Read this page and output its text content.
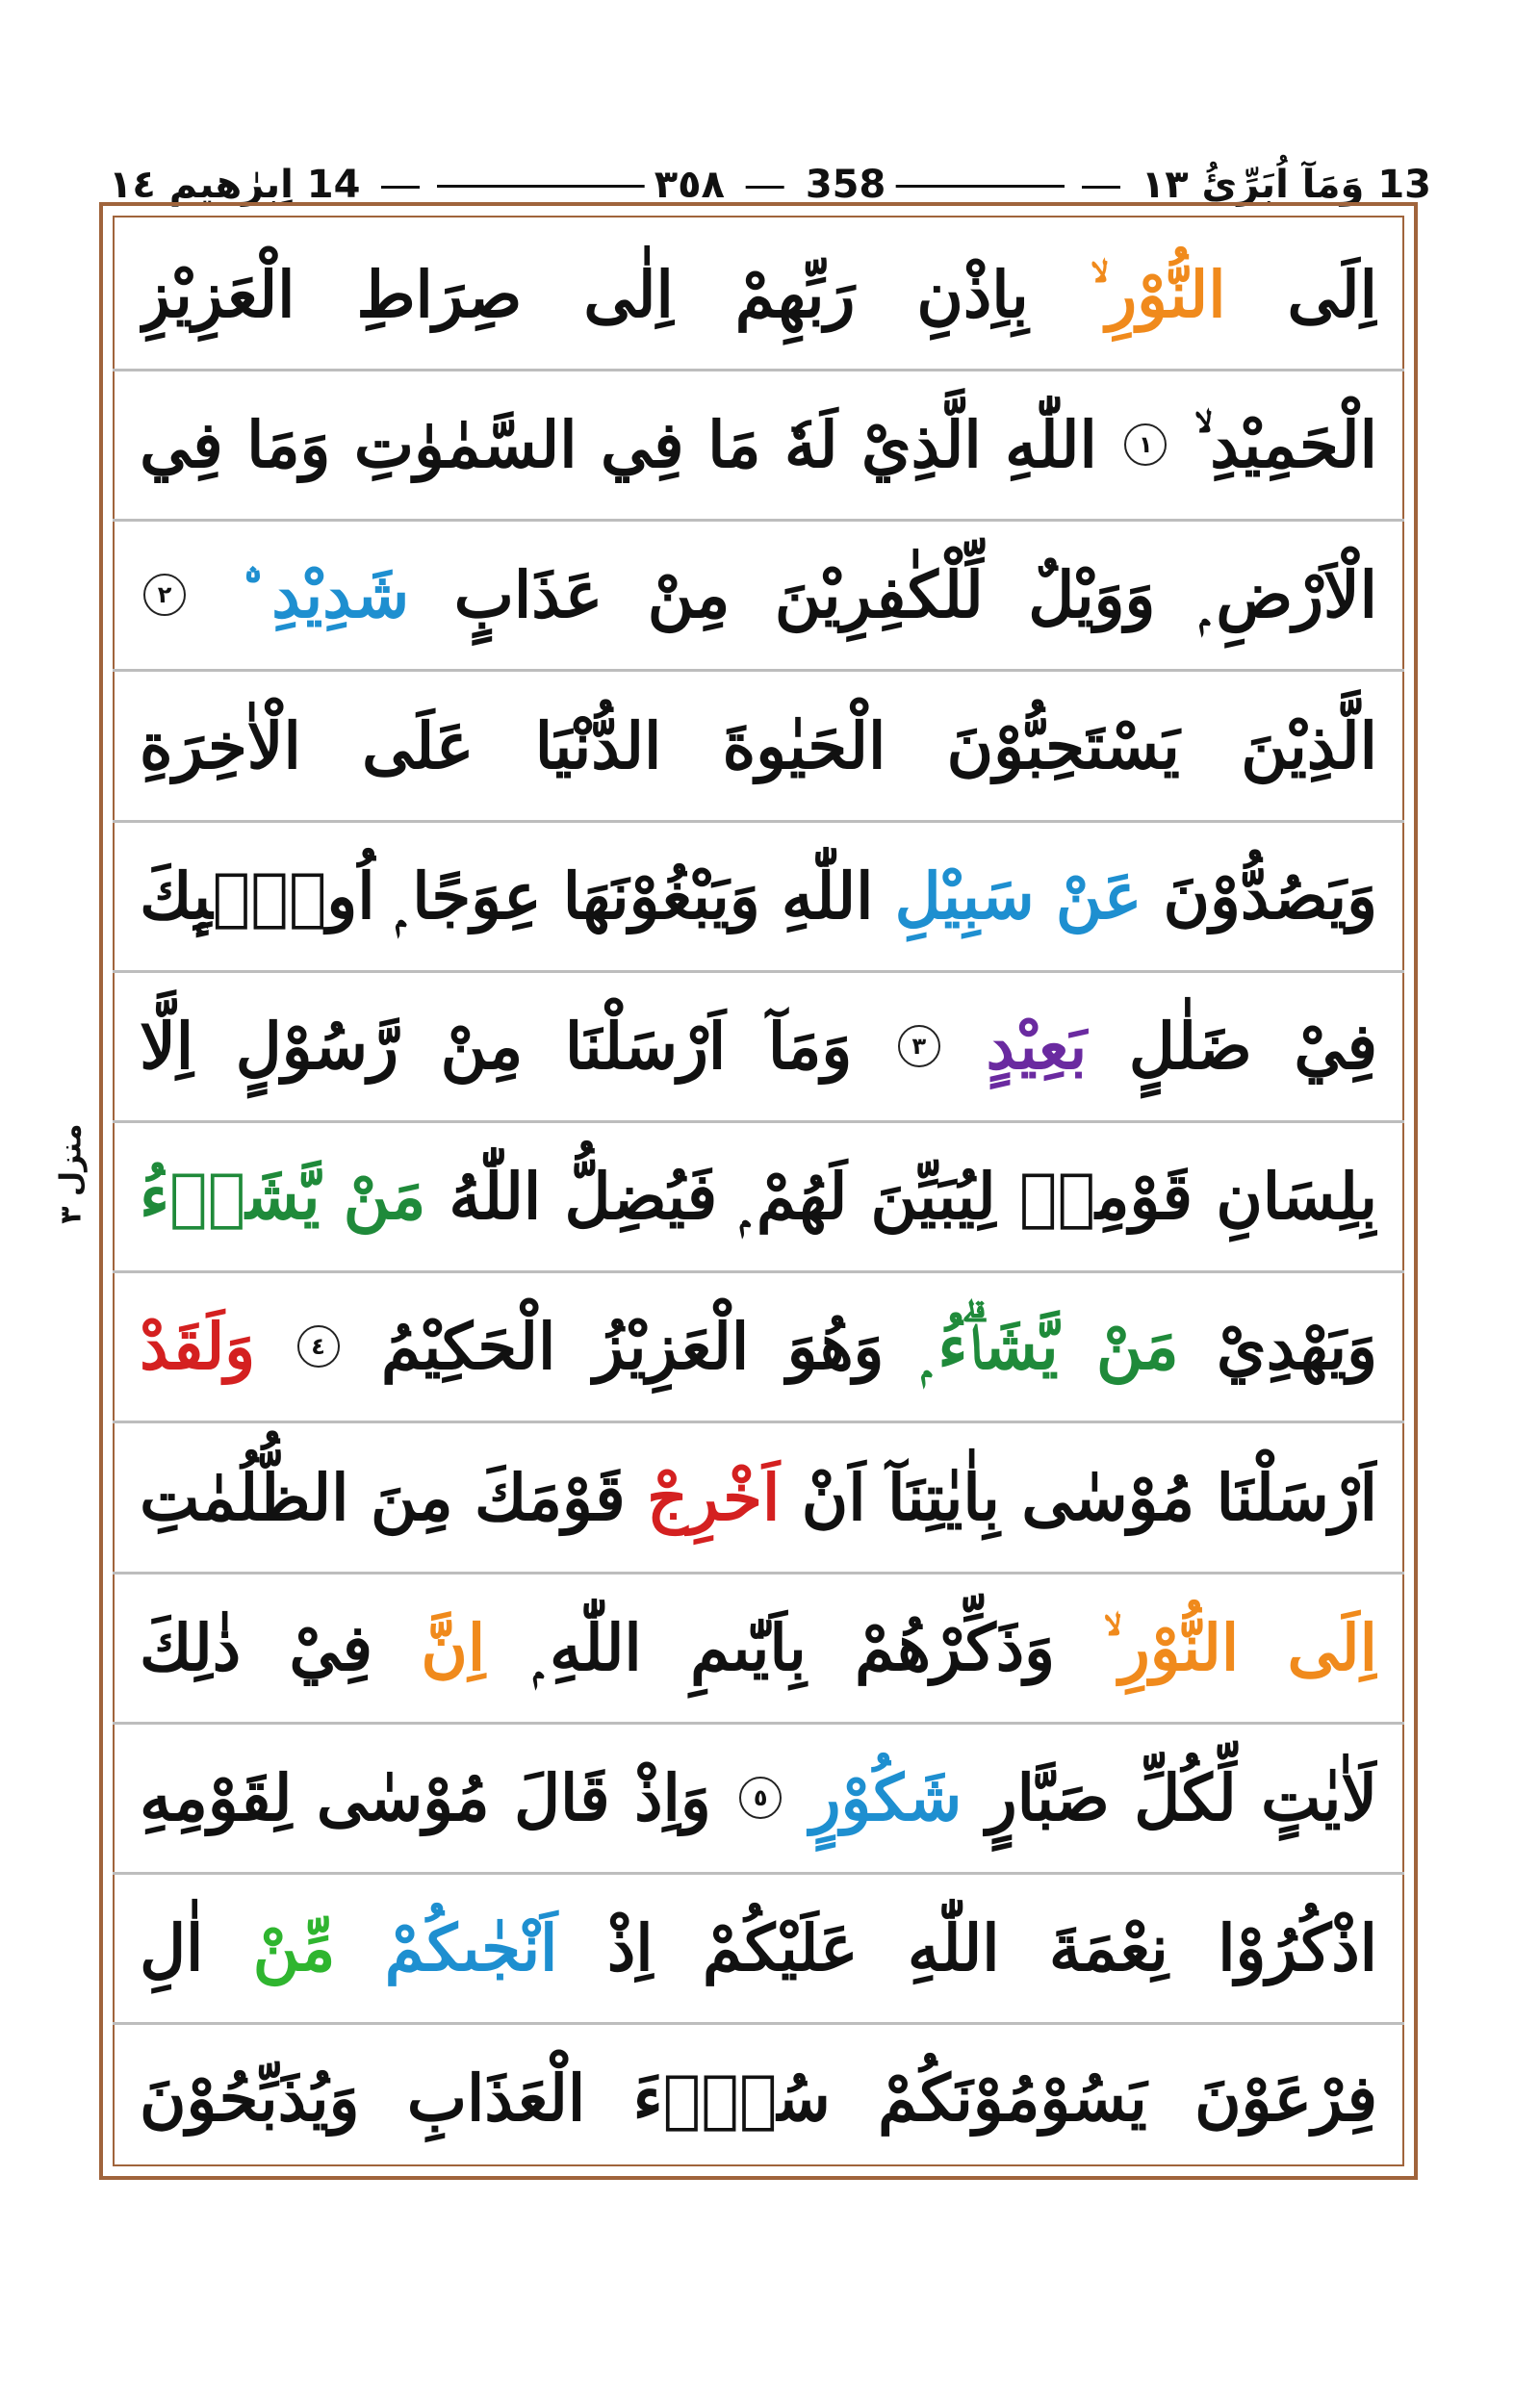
13 وَمَآ اُبَرِّئُ ١٣
358  ٣٥٨
14 اِبرٰھیم ١٤
منزل ٣
اِلَى
النُّوْرِ ۙ
بِاِذْنِ
رَبِّهِمْ
اِلٰى
صِرَاطِ
الْعَزِيْزِ
الْحَمِيْدِ ۙ
١
اللّٰهِ
الَّذِيْ
لَهٗ
مَا
فِي
السَّمٰوٰتِ
وَمَا
فِي
الْاَرْضِ ۭ
وَوَيْلٌ
لِّلْكٰفِرِيْنَ
مِنْ
عَذَابٍ
شَدِيْدِ ۨ
٢
الَّذِيْنَ
يَسْتَحِبُّوْنَ
الْحَيٰوةَ
الدُّنْيَا
عَلَى
الْاٰخِرَةِ
وَيَصُدُّوْنَ
عَنْ
سَبِيْلِ
اللّٰهِ
وَيَبْغُوْنَهَا
عِوَجًا ۭ
اُولٰۗىِٕكَ
فِيْ
ضَلٰلٍ
بَعِيْدٍ
٣
وَمَآ
اَرْسَلْنَا
مِنْ
رَّسُوْلٍ
اِلَّا
بِلِسَانِ
قَوْمِهٖ
لِيُبَيِّنَ
لَهُمْ ۭ
فَيُضِلُّ
اللّٰهُ
مَنْ
يَّشَاۗءُ
وَيَهْدِيْ
مَنْ
يَّشَاۗءُ ۭ
وَهُوَ
الْعَزِيْزُ
الْحَكِيْمُ
٤
وَلَقَدْ
اَرْسَلْنَا
مُوْسٰى
بِاٰيٰتِنَآ
اَنْ
اَخْرِجْ
قَوْمَكَ
مِنَ
الظُّلُمٰتِ
اِلَى
النُّوْرِ ۙ
وَذَكِّرْهُمْ
بِاَيّٰىمِ
اللّٰهِ ۭ
اِنَّ
فِيْ
ذٰلِكَ
لَاٰيٰتٍ
لِّكُلِّ
صَبَّارٍ
شَكُوْرٍ
٥
وَاِذْ
قَالَ
مُوْسٰى
لِقَوْمِهِ
اذْكُرُوْا
نِعْمَةَ
اللّٰهِ
عَلَيْكُمْ
اِذْ
اَنْجٰىكُمْ
مِّنْ
اٰلِ
فِرْعَوْنَ
يَسُوْمُوْنَكُمْ
سُوْۗءَ
الْعَذَابِ
وَيُذَبِّحُوْنَ
